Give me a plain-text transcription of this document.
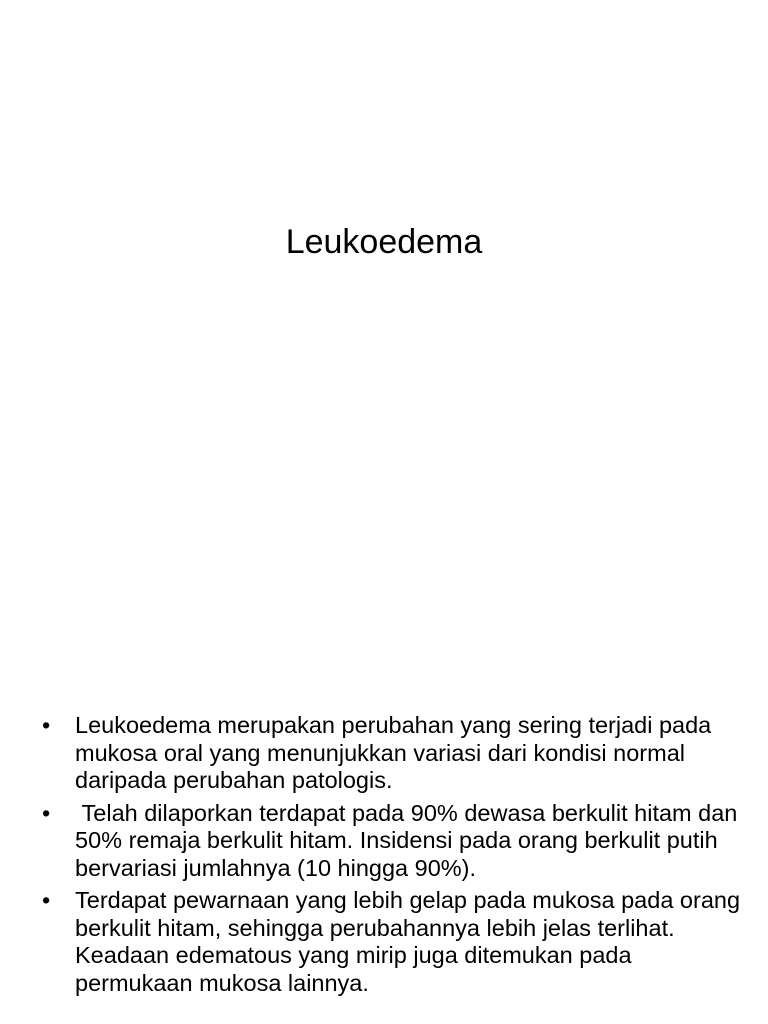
Leukoedema
•	Leukoedema merupakan perubahan yang sering terjadi pada mukosa oral yang menunjukkan variasi dari kondisi normal daripada perubahan patologis.
•	Telah dilaporkan terdapat pada 90% dewasa berkulit hitam dan 50% remaja berkulit hitam. Insidensi pada orang berkulit putih bervariasi jumlahnya (10 hingga 90%).
•	Terdapat pewarnaan yang lebih gelap pada mukosa pada orang berkulit hitam, sehingga perubahannya lebih jelas terlihat. Keadaan edematous yang mirip juga ditemukan pada permukaan mukosa lainnya.
